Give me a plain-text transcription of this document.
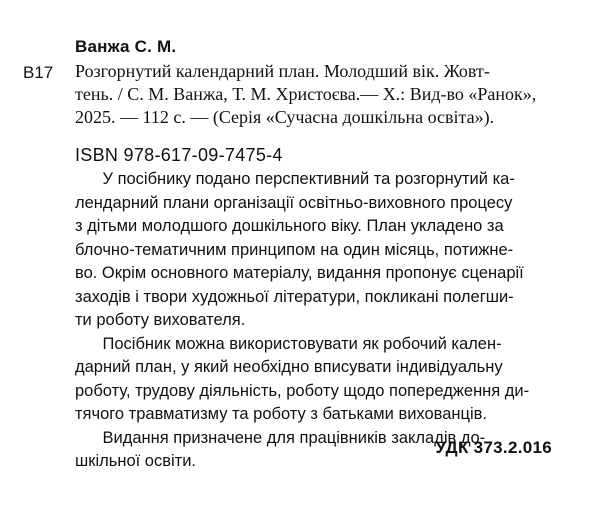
Ванжа С. М.
В17 Розгорнутий календарний план. Молодший вік. Жовт-
тень. / С. М. Ванжа, Т. М. Христоєва.— Х.: Вид-во «Ранок»,
2025. — 112 с. — (Серія «Сучасна дошкільна освіта»).
ISBN 978-617-09-7475-4
У посібнику подано перспективний та розгорнутий ка-
лендарний плани організації освітньо-виховного процесу
з дітьми молодшого дошкільного віку. План укладено за
блочно-тематичним принципом на один місяць, потижне-
во. Окрім основного матеріалу, видання пропонує сценарії
заходів і твори художньої літератури, покликані полегши-
ти роботу вихователя.
Посібник можна використовувати як робочий кален-
дарний план, у який необхідно вписувати індивідуальну
роботу, трудову діяльність, роботу щодо попередження ди-
тячого травматизму та роботу з батьками вихованців.
Видання призначене для працівників закладів до-
шкільної освіти.
УДК 373.2.016
